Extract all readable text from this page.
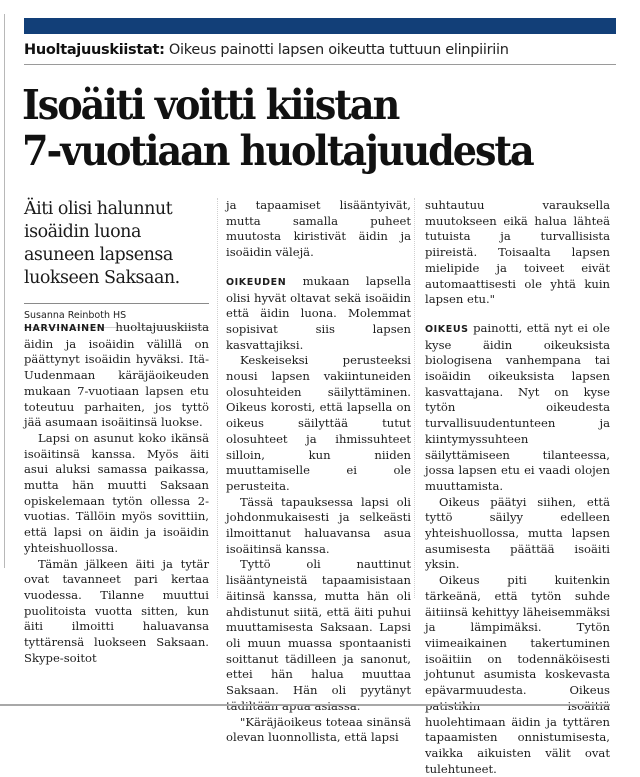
Huoltajuuskiistat: Oikeus painotti lapsen oikeutta tuttuun elinpiiriin
Isoäiti voitti kiistan
7-vuotiaan huoltajuudesta
Äiti olisi halunnut isoäidin luona asuneen lapsensa luokseen Saksaan.
Susanna Reinboth HS

HARVINAINEN huoltajuuskiista äidin ja isoäidin välillä on päättynyt isoäidin hyväksi. Itä-Uudenmaan käräjäoikeuden mukaan 7-vuotiaan lapsen etu toteutuu parhaiten, jos tyttö jää asumaan isoäitinsä luokse.

Lapsi on asunut koko ikänsä isoäitinsä kanssa. Myös äiti asui aluksi samassa paikassa, mutta hän muutti Saksaan opiskelemaan tytön ollessa 2-vuotias. Tällöin myös sovittiin, että lapsi on äidin ja isoäidin yhteishuollossa.

Tämän jälkeen äiti ja tytär ovat tavanneet pari kertaa vuodessa. Tilanne muuttui puolitoista vuotta sitten, kun äiti ilmoitti haluavansa tyttärensä luokseen Saksaan. Skype-soitot

ja tapaamiset lisääntyivät, mutta samalla puheet muutosta kiristivät äidin ja isoäidin välejä.

OIKEUDEN mukaan lapsella olisi hyvät oltavat sekä isoäidin että äidin luona. Molemmat sopisivat siis lapsen kasvattajiksi.

Keskeiseksi perusteeksi nousi lapsen vakiintuneiden olosuhteiden säilyttäminen. Oikeus korosti, että lapsella on oikeus säilyttää tutut olosuhteet ja ihmissuhteet silloin, kun niiden muuttamiselle ei ole perusteita.

Tässä tapauksessa lapsi oli johdonmukaisesti ja selkeästi ilmoittanut haluavansa asua isoäitinsä kanssa.

Tyttö oli nauttinut lisääntyneistä tapaamisistaan äitinsä kanssa, mutta hän oli ahdistunut siitä, että äiti puhui muuttamisesta Saksaan. Lapsi oli muun muassa spontaanisti soittanut tädilleen ja sanonut, ettei hän halua muuttaa Saksaan. Hän oli pyytänyt

"Käräjäoikeus toteaa sinänsä olevan luonnollista, että lapsi

suhtautuu varauksella muutokseen eikä halua lähteä tutuista ja turvallisista piireistä. Toisaalta lapsen mielipide ja toiveet eivät automaattisesti ole yhtä kuin lapsen etu."

OIKEUS painotti, että nyt ei ole kyse äidin oikeuksista biologisena vanhempana tai isoäidin oikeuksista lapsen kasvattajana. Nyt on kyse tytön oikeudesta turvallisuudentunteen ja kiintymyssuhteen säilyttämiseen tilanteessa, jossa lapsen etu ei vaadi olojen muuttamista.

Oikeus päätyi siihen, että tyttö säilyy edelleen yhteishuollossa, mutta lapsen asumisesta päättää isoäiti yksin.

Oikeus piti kuitenkin tärkeänä, että tytön suhde äitiinsä kehittyy läheisemmäksi ja lämpimäksi. Tytön viimeaikainen takertuminen isoäitiin on todennäköisesti johtunut asumista koskevasta epävarmuudesta. Oikeus huolehtimaan äidin ja tyttären tapaamisten onnistumisesta, vaikka aikuisten välit ovat tulehtuneet.
